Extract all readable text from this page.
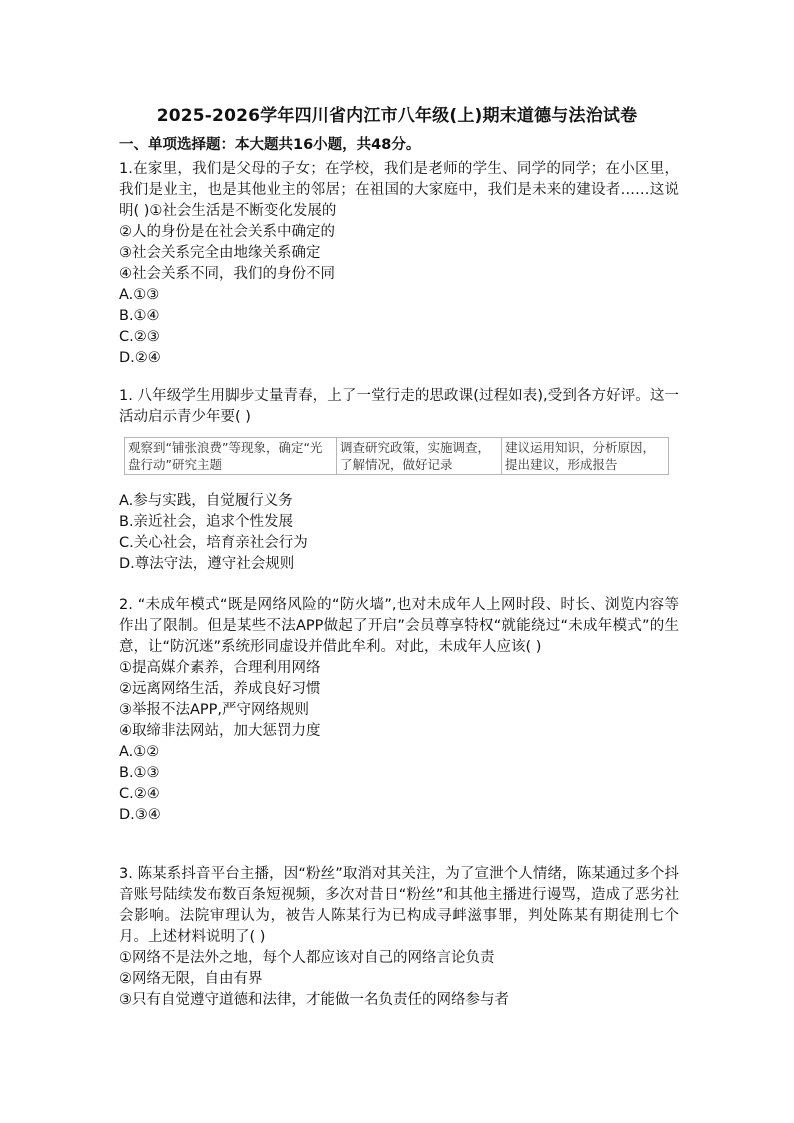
2025-2026学年四川省内江市八年级(上)期末道德与法治试卷
一、单项选择题：本大题共16小题，共48分。

1.在家里，我们是父母的子女；在学校，我们是老师的学生、同学的同学；在小区里，我们是业主，也是其他业主的邻居；在祖国的大家庭中，我们是未来的建设者……这说明( )①社会生活是不断变化发展的

②人的身份是在社会关系中确定的

③社会关系完全由地缘关系确定

④社会关系不同，我们的身份不同

A.①③

B.①④

C.②③

D.②④

1. 八年级学生用脚步丈量青春，上了一堂行走的思政课(过程如表),受到各方好评。这一活动启示青少年要( )

观察到“铺张浪费”等现象，确定“光盘行动”研究主题	调查研究政策，实施调查，了解情况，做好记录	建议运用知识，分析原因，提出建议，形成报告

A.参与实践，自觉履行义务

B.亲近社会，追求个性发展

C.关心社会，培育亲社会行为

D.尊法守法，遵守社会规则

2. “未成年模式“既是网络风险的“防火墙”,也对未成年人上网时段、时长、浏览内容等作出了限制。但是某些不法APP做起了开启”会员尊享特权“就能绕过“未成年模式”的生意，让“防沉迷”系统形同虚设并借此牟利。对此，未成年人应该( )

①提高媒介素养，合理利用网络

②远离网络生活，养成良好习惯

③举报不法APP,严守网络规则

④取缔非法网站，加大惩罚力度

A.①②

B.①③

C.②④

D.③④

3. 陈某系抖音平台主播，因“粉丝”取消对其关注，为了宣泄个人情绪，陈某通过多个抖音账号陆续发布数百条短视频，多次对昔日“粉丝”和其他主播进行谩骂，造成了恶劣社会影响。法院审理认为，被告人陈某行为已构成寻衅滋事罪，判处陈某有期徒刑七个月。上述材料说明了( )

①网络不是法外之地，每个人都应该对自己的网络言论负责

②网络无限，自由有界

③只有自觉遵守道德和法律，才能做一名负责任的网络参与者
